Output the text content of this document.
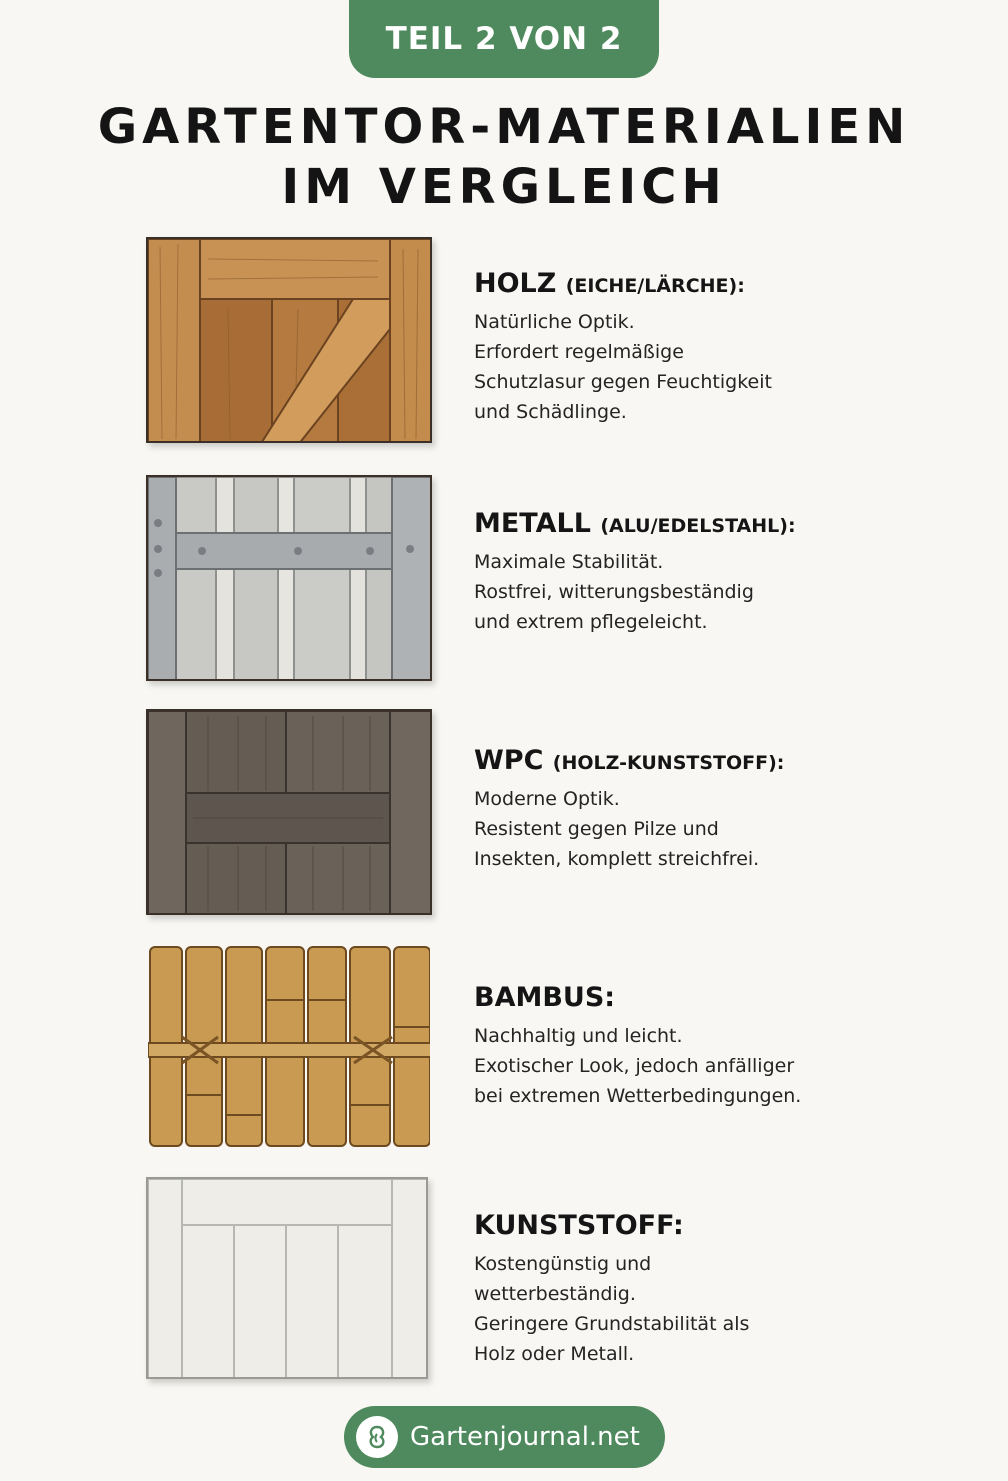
TEIL 2 VON 2
GARTENTOR-MATERIALIEN
IM VERGLEICH
HOLZ (EICHE/LÄRCHE):
Natürliche Optik.
Erfordert regelmäßige
Schutzlasur gegen Feuchtigkeit
und Schädlinge.
METALL (ALU/EDELSTAHL):
Maximale Stabilität.
Rostfrei, witterungsbeständig
und extrem pflegeleicht.
WPC (HOLZ-KUNSTSTOFF):
Moderne Optik.
Resistent gegen Pilze und
Insekten, komplett streichfrei.
BAMBUS:
Nachhaltig und leicht.
Exotischer Look, jedoch anfälliger
bei extremen Wetterbedingungen.
KUNSTSTOFF:
Kostengünstig und
wetterbeständig.
Geringere Grundstabilität als
Holz oder Metall.
Gartenjournal.net
